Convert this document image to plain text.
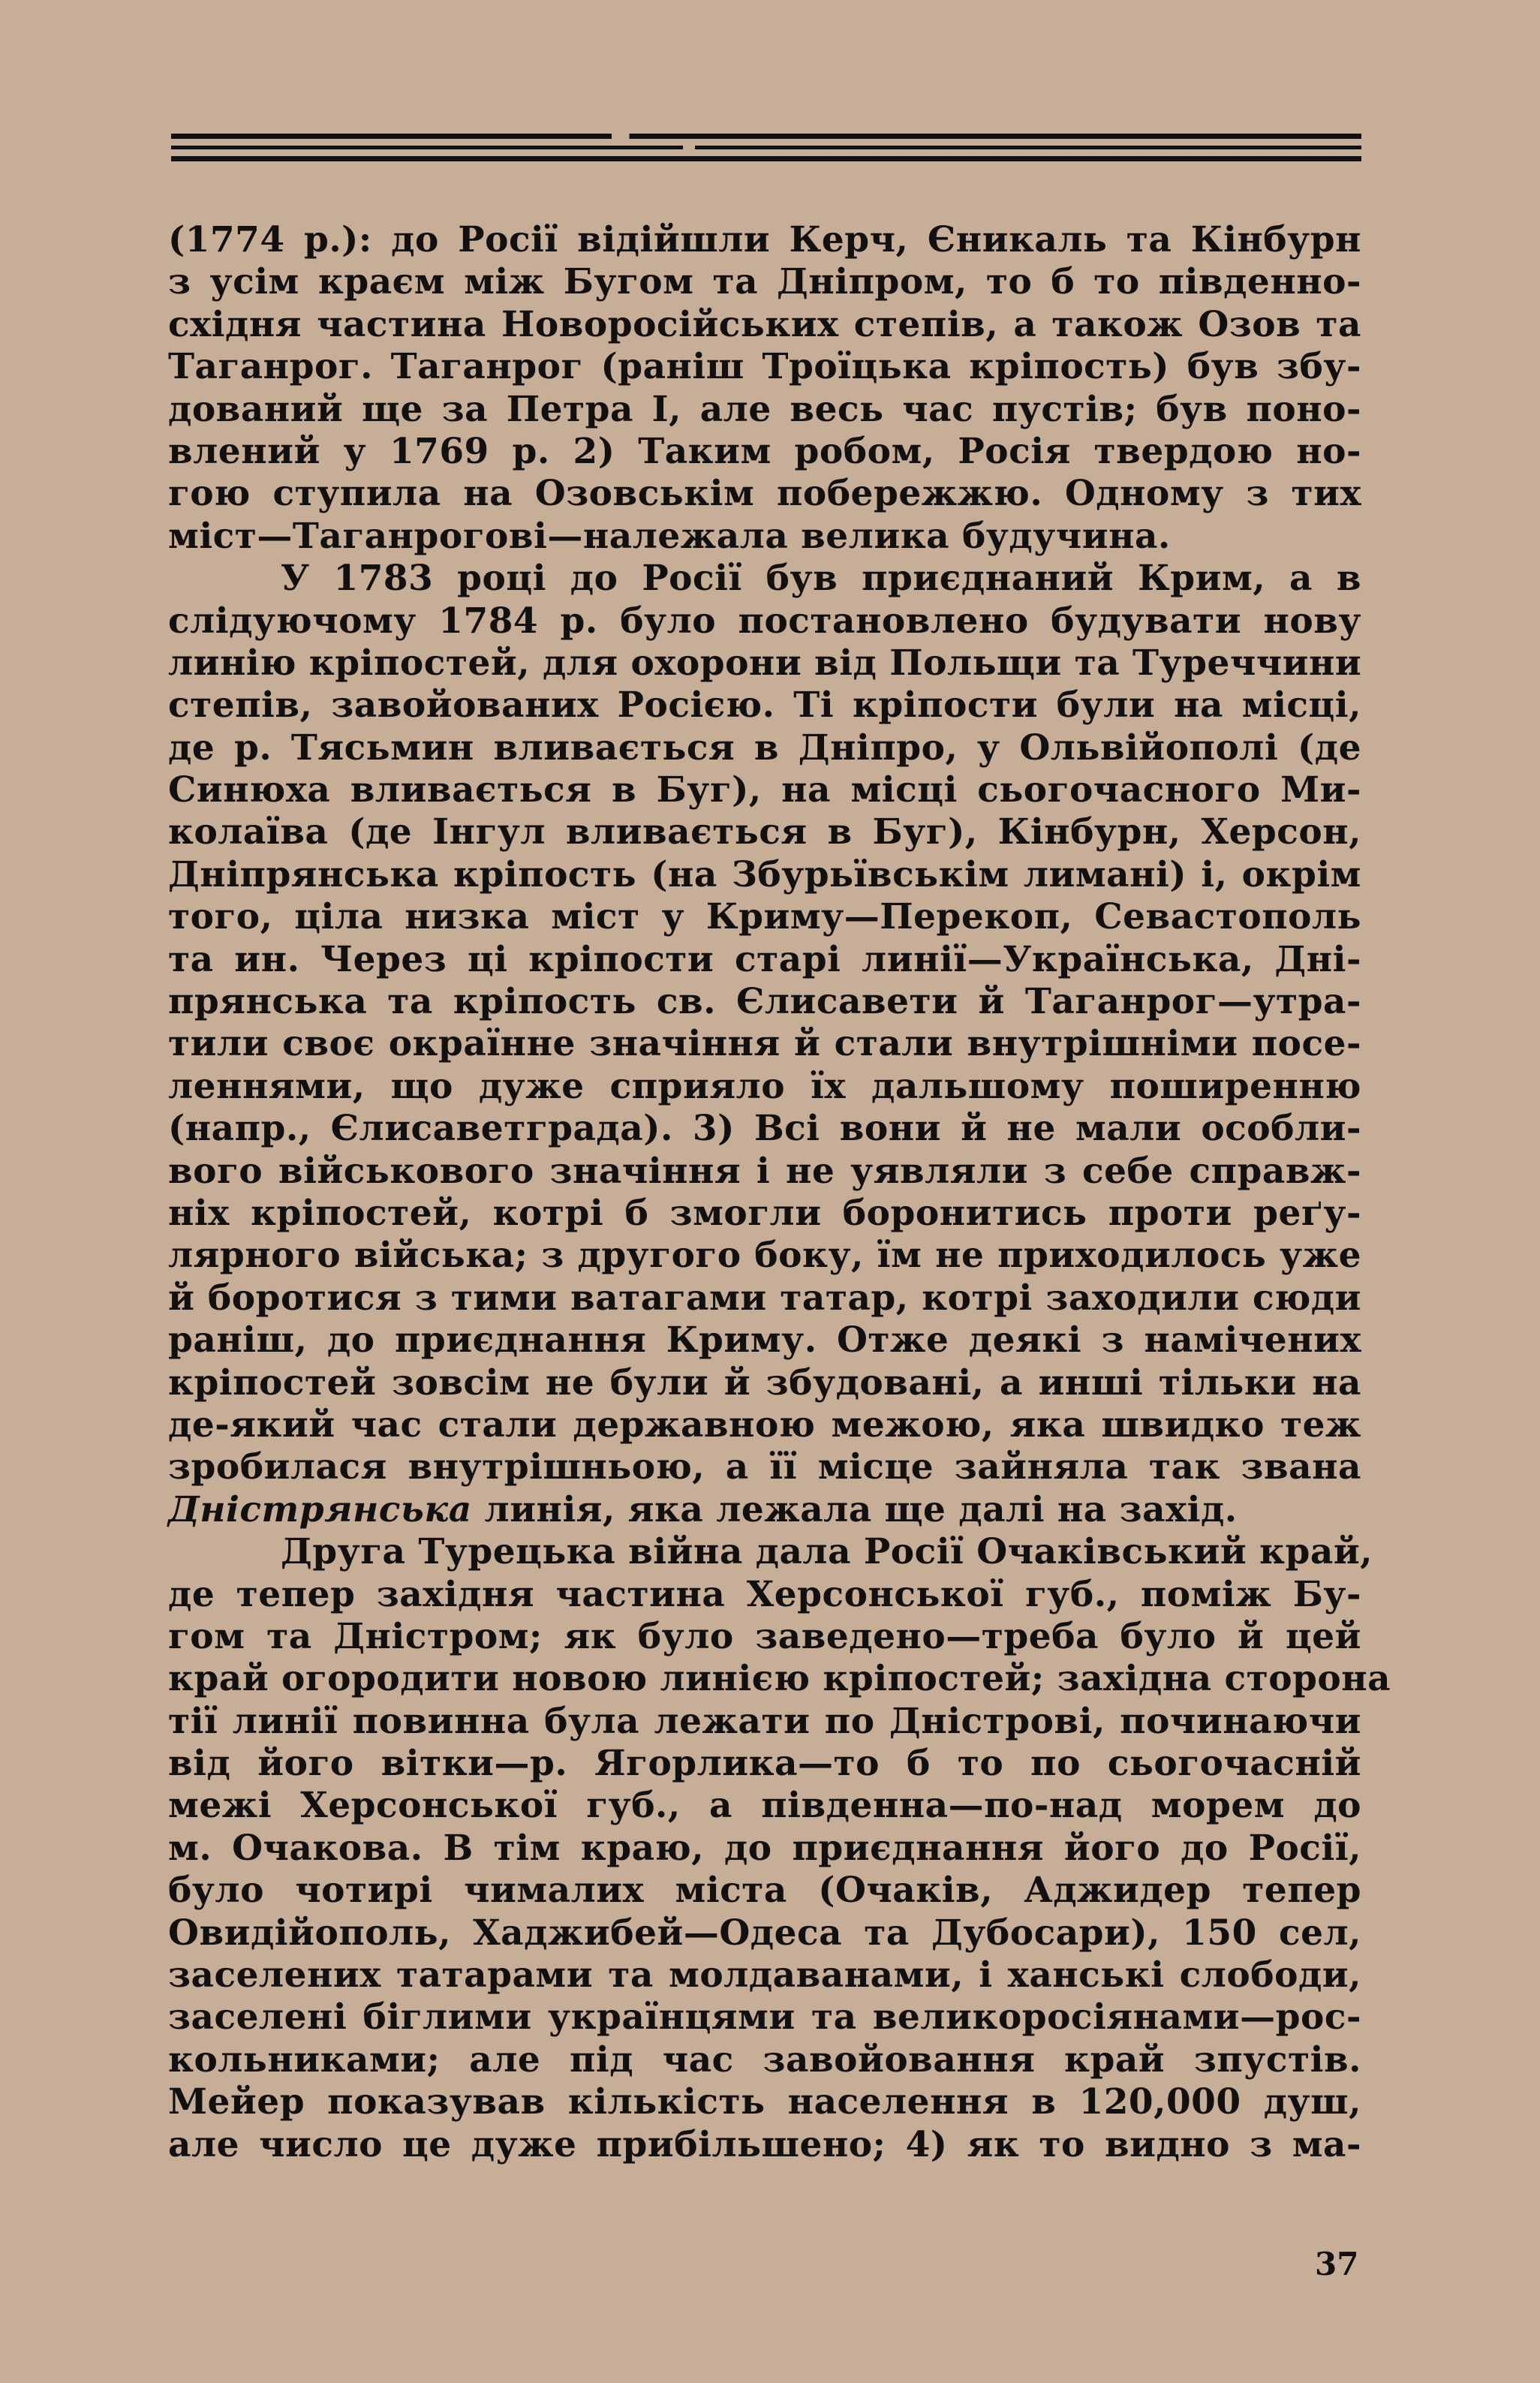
(1774 р.): до Росії відійшли Керч, Єникаль та Кінбурн
з усім краєм між Бугом та Дніпром, то б то південно-
східня частина Новоросійських степів, а також Озов та
Таганрог. Таганрог (раніш Троїцька кріпость) був збу-
дований ще за Петра I, але весь час пустів; був поно-
влений у 1769 р. 2) Таким робом, Росія твердою но-
гою ступила на Озовськім побережжю. Одному з тих
міст—Таганрогові—належала велика будучина.
У 1783 році до Росії був приєднаний Крим, а в
слідуючому 1784 р. було постановлено будувати нову
линію кріпостей, для охорони від Польщи та Туреччини
степів, завойованих Росією. Ті кріпости були на місці,
де р. Тясьмин вливається в Дніпро, у Ольвійополі (де
Синюха вливається в Буг), на місці сьогочасного Ми-
колаїва (де Інгул вливається в Буг), Кінбурн, Херсон,
Дніпрянська кріпость (на Збурьївськім лимані) і, окрім
того, ціла низка міст у Криму—Перекоп, Севастополь
та ин. Через ці кріпости старі линії—Українська, Дні-
прянська та кріпость св. Єлисавети й Таганрог—утра-
тили своє окраїнне значіння й стали внутрішніми посе-
леннями, що дуже сприяло їх дальшому поширенню
(напр., Єлисаветграда). 3) Всі вони й не мали особли-
вого військового значіння і не уявляли з себе справж-
ніх кріпостей, котрі б змогли боронитись проти реґу-
лярного війська; з другого боку, їм не приходилось уже
й боротися з тими ватагами татар, котрі заходили сюди
раніш, до приєднання Криму. Отже деякі з намічених
кріпостей зовсім не були й збудовані, а инші тільки на
де-який час стали державною межою, яка швидко теж
зробилася внутрішньою, а її місце зайняла так звана
Дністрянська линія, яка лежала ще далі на захід.
Друга Турецька війна дала Росії Очаківський край,
де тепер західня частина Херсонської губ., поміж Бу-
гом та Дністром; як було заведено—треба було й цей
край огородити новою линією кріпостей; західна сторона
тії линії повинна була лежати по Дністрові, починаючи
від його вітки—р. Ягорлика—то б то по сьогочасній
межі Херсонської губ., а південна—по-над морем до
м. Очакова. В тім краю, до приєднання його до Росії,
було чотирі чималих міста (Очаків, Аджидер тепер
Овидійополь, Хаджибей—Одеса та Дубосари), 150 сел,
заселених татарами та молдаванами, і ханські слободи,
заселені біглими українцями та великоросіянами—рос-
кольниками; але під час завойовання край зпустів.
Мейер показував кількість населення в 120,000 душ,
але число це дуже прибільшено; 4) як то видно з ма-
37
